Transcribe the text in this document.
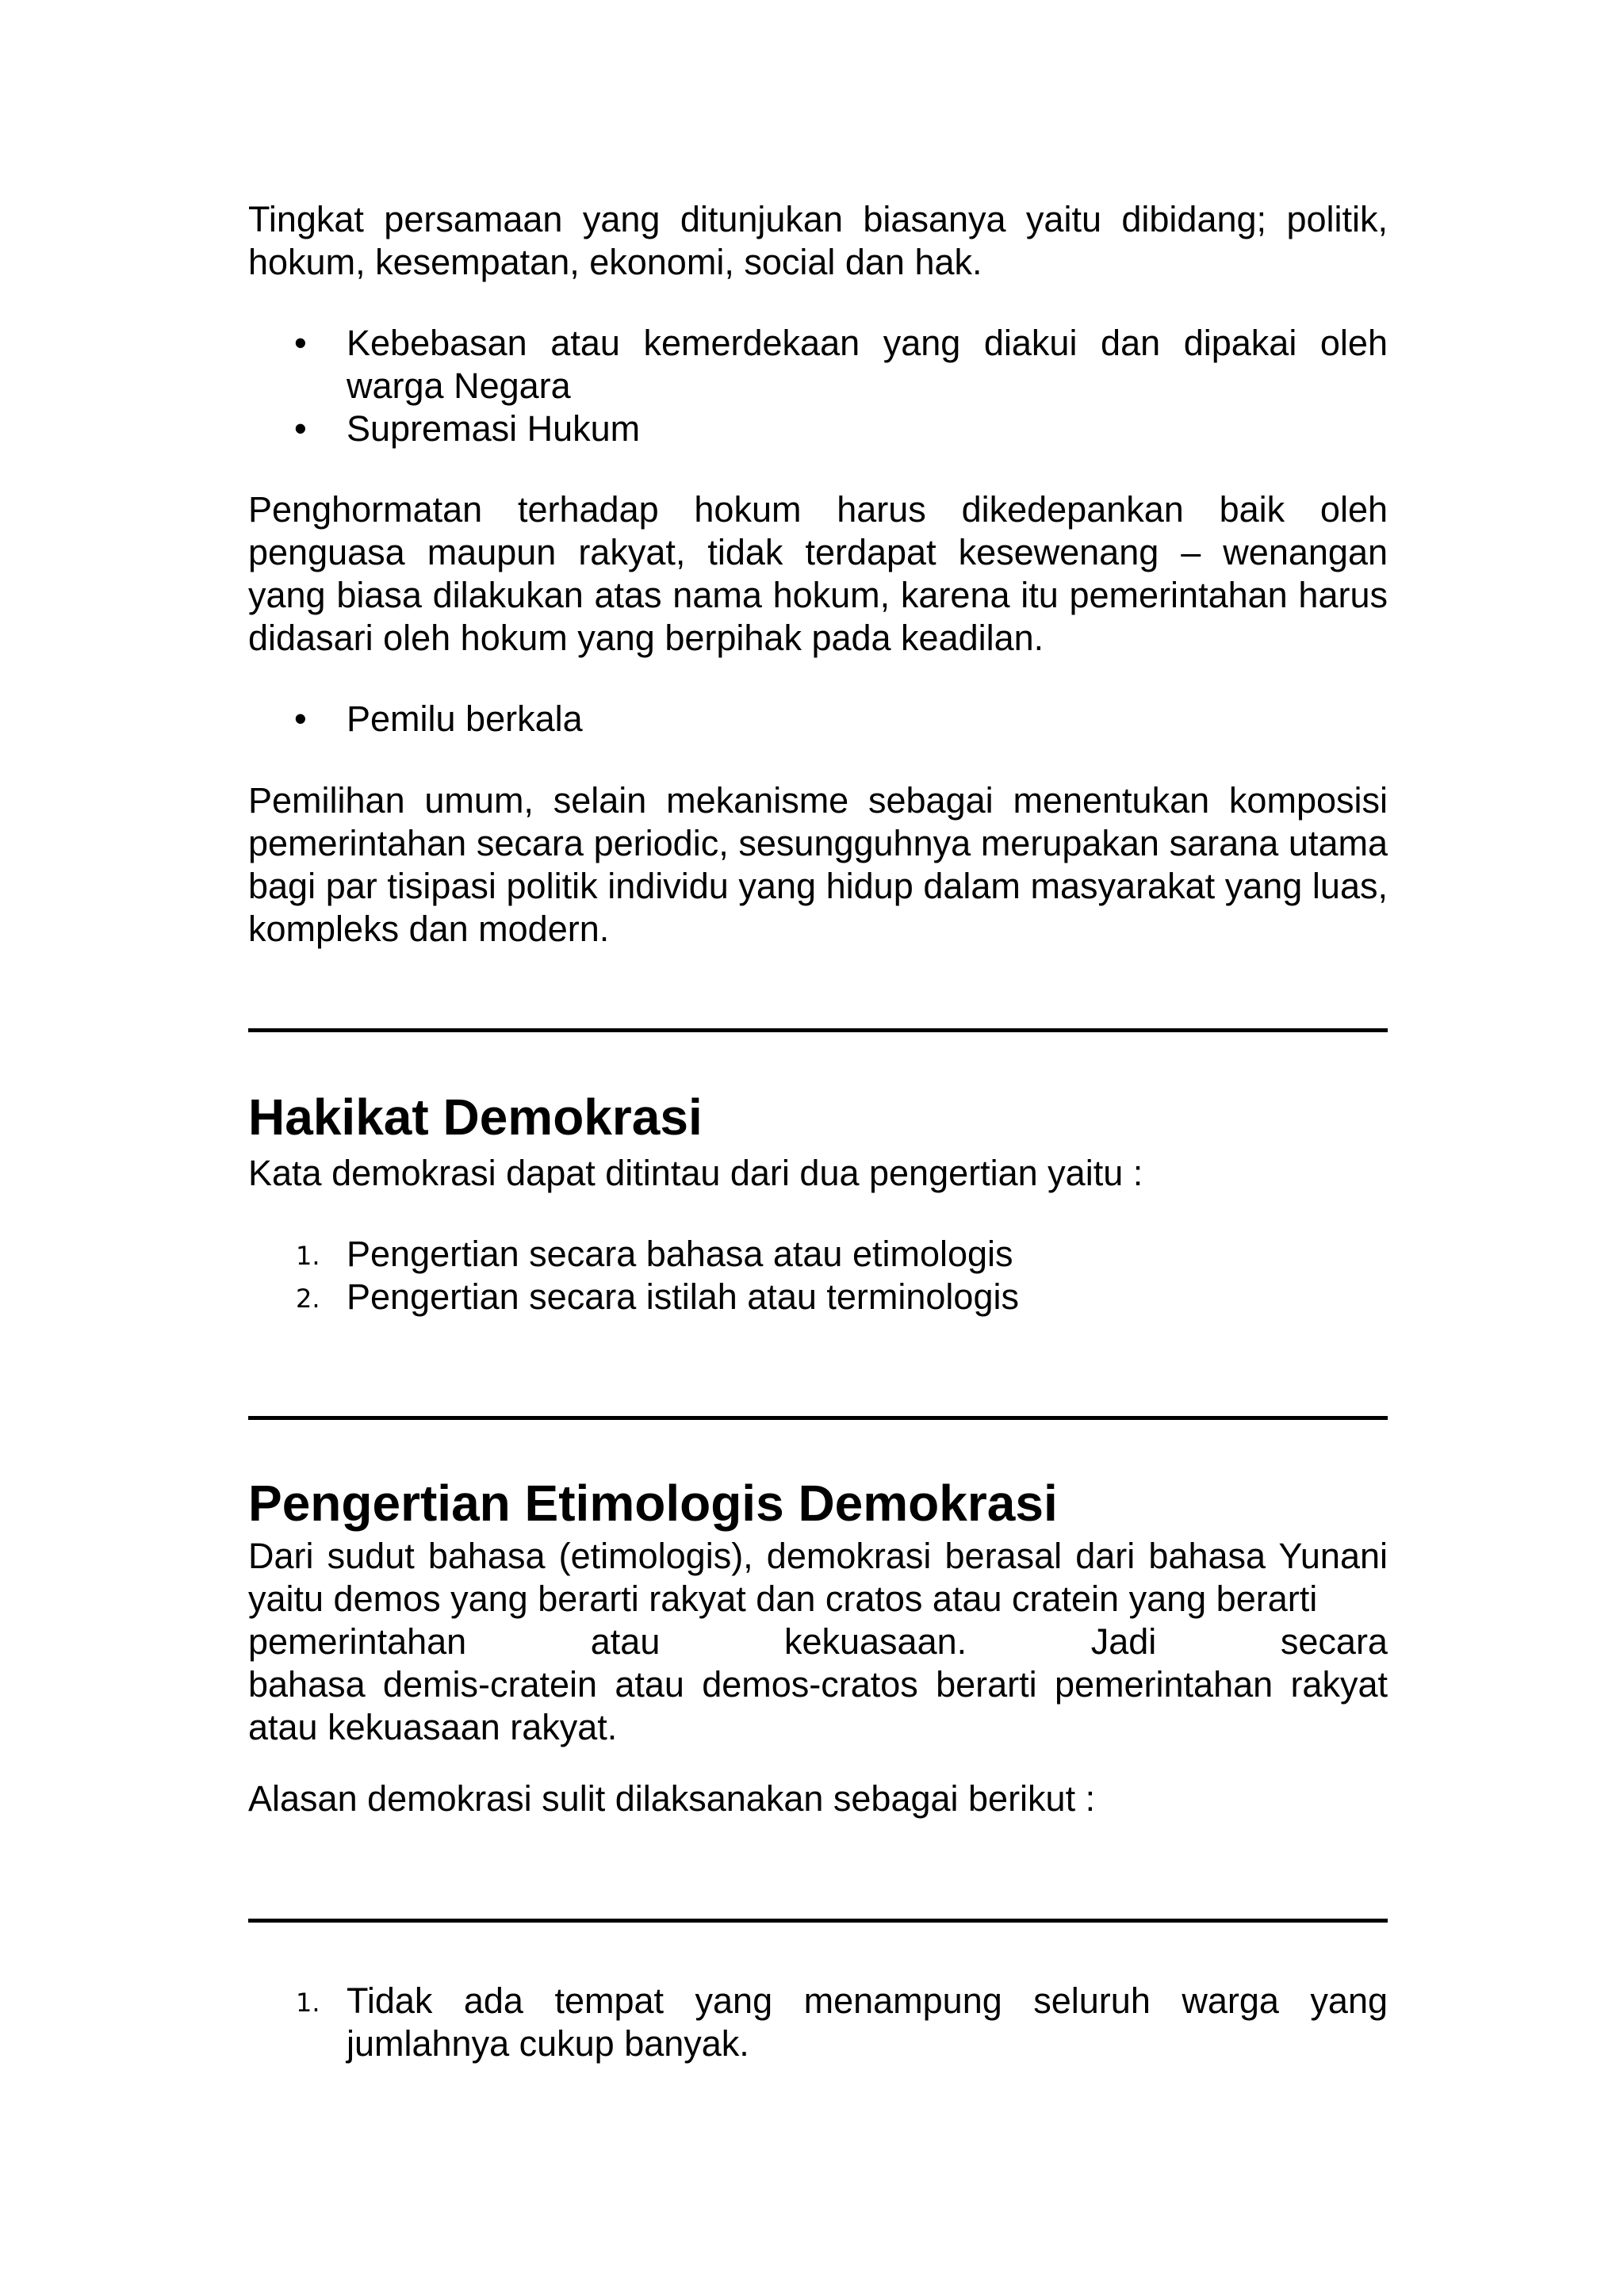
Tingkat persamaan yang ditunjukan biasanya yaitu dibidang; politik, hokum, kesempatan, ekonomi, social dan hak.

• Kebebasan atau kemerdekaan yang diakui dan dipakai oleh warga Negara
• Supremasi Hukum

Penghormatan terhadap hokum harus dikedepankan baik oleh penguasa maupun rakyat, tidak terdapat kesewenang – wenangan yang biasa dilakukan atas nama hokum, karena itu pemerintahan harus didasari oleh hokum yang berpihak pada keadilan.

• Pemilu berkala

Pemilihan umum, selain mekanisme sebagai menentukan komposisi pemerintahan secara periodic, sesungguhnya merupakan sarana utama bagi par tisipasi politik individu yang hidup dalam masyarakat yang luas, kompleks dan modern.

Hakikat Demokrasi

Kata demokrasi dapat ditintau dari dua pengertian yaitu :

1. Pengertian secara bahasa atau etimologis
2. Pengertian secara istilah atau terminologis
Pengertian Etimologis Demokrasi

Dari sudut bahasa (etimologis), demokrasi berasal dari bahasa Yunani yaitu demos yang berarti rakyat dan cratos atau cratein yang berarti

pemerintahan	atau	kekuasaan.	Jadi	secara

bahasa demis-cratein atau demos-cratos berarti pemerintahan rakyat atau kekuasaan rakyat.

Alasan demokrasi sulit dilaksanakan sebagai berikut :

1. Tidak ada tempat yang menampung seluruh warga yang jumlahnya cukup banyak.
